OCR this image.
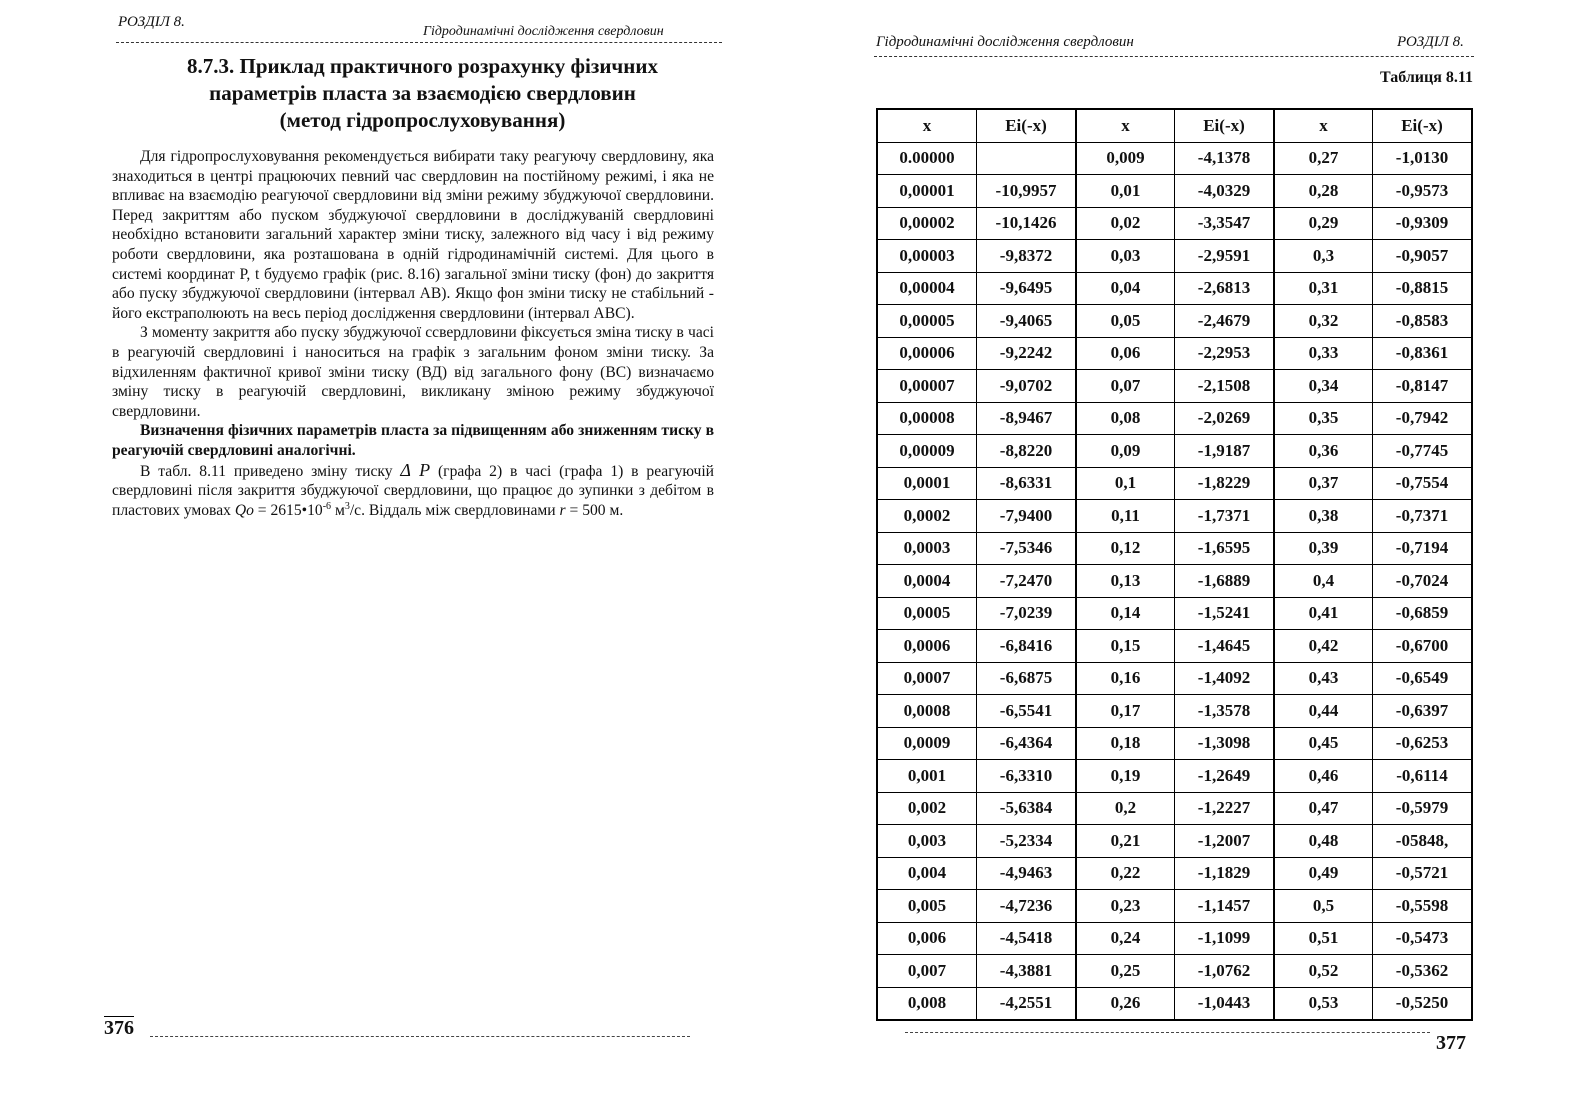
РОЗДІЛ 8.
Гідродинамічні дослідження свердловин
8.7.3. Приклад практичного розрахунку фізичних
параметрів пласта за взаємодією свердловин
(метод гідропрослуховування)

Для гідропрослуховування рекомендується вибирати таку реагуючу свердловину, яка знаходиться в центрі працюючих певний час свердловин на постійному режимі, і яка не впливає на взаємодію реагуючої свердловини від зміни режиму збуджуючої свердловини. Перед закриттям або пуском збуджуючої свердловини в досліджуваній свердловині необхідно встановити загальний характер зміни тиску, залежного від часу і від режиму роботи свердловини, яка розташована в одній гідродинамічній системі. Для цього в системі координат P, t будуємо графік (рис. 8.16) загальної зміни тиску (фон) до закриття або пуску збуджуючої свердловини (інтервал АВ). Якщо фон зміни тиску не стабільний - його екстраполюють на весь період дослідження свердловини (інтервал АВС).

З моменту закриття або пуску збуджуючої ссвердловини фіксується зміна тиску в часі в реагуючій свердловині і наноситься на графік з загальним фоном зміни тиску. За відхиленням фактичної кривої зміни тиску (ВД) від загального фону (ВС) визначаємо зміну тиску в реагуючій свердловині, викликану зміною режиму збуджуючої свердловини.

Визначення фізичних параметрів пласта за підвищенням або зниженням тиску в реагуючій свердловині аналогічні.

В табл. 8.11 приведено зміну тиску Δ P (графа 2) в часі (графа 1) в реагуючій свердловині після закриття збуджуючої свердловини, що працює до зупинки з дебітом в пластових умовах $Qo = 2615•10^{-6}$ $м^3/с$. Віддаль між свердловинами r = 500 м.

376
Гідродинамічні дослідження свердловин	РОЗДІЛ 8.
Таблиця 8.11
x	Ei(-x)	x	Ei(-x)	x	Ei(-x)
0.00000		0,009	-4,1378	0,27	-1,0130
0,00001	-10,9957	0,01	-4,0329	0,28	-0,9573
0,00002	-10,1426	0,02	-3,3547	0,29	-0,9309
0,00003	-9,8372	0,03	-2,9591	0,3	-0,9057
0,00004	-9,6495	0,04	-2,6813	0,31	-0,8815
0,00005	-9,4065	0,05	-2,4679	0,32	-0,8583
0,00006	-9,2242	0,06	-2,2953	0,33	-0,8361
0,00007	-9,0702	0,07	-2,1508	0,34	-0,8147
0,00008	-8,9467	0,08	-2,0269	0,35	-0,7942
0,00009	-8,8220	0,09	-1,9187	0,36	-0,7745
0,0001	-8,6331	0,1	-1,8229	0,37	-0,7554
0,0002	-7,9400	0,11	-1,7371	0,38	-0,7371
0,0003	-7,5346	0,12	-1,6595	0,39	-0,7194
0,0004	-7,2470	0,13	-1,6889	0,4	-0,7024
0,0005	-7,0239	0,14	-1,5241	0,41	-0,6859
0,0006	-6,8416	0,15	-1,4645	0,42	-0,6700
0,0007	-6,6875	0,16	-1,4092	0,43	-0,6549
0,0008	-6,5541	0,17	-1,3578	0,44	-0,6397
0,0009	-6,4364	0,18	-1,3098	0,45	-0,6253
0,001	-6,3310	0,19	-1,2649	0,46	-0,6114
0,002	-5,6384	0,2	-1,2227	0,47	-0,5979
0,003	-5,2334	0,21	-1,2007	0,48	-05848,
0,004	-4,9463	0,22	-1,1829	0,49	-0,5721
0,005	-4,7236	0,23	-1,1457	0,5	-0,5598
0,006	-4,5418	0,24	-1,1099	0,51	-0,5473
0,007	-4,3881	0,25	-1,0762	0,52	-0,5362
0,008	-4,2551	0,26	-1,0443	0,53	-0,5250
377
